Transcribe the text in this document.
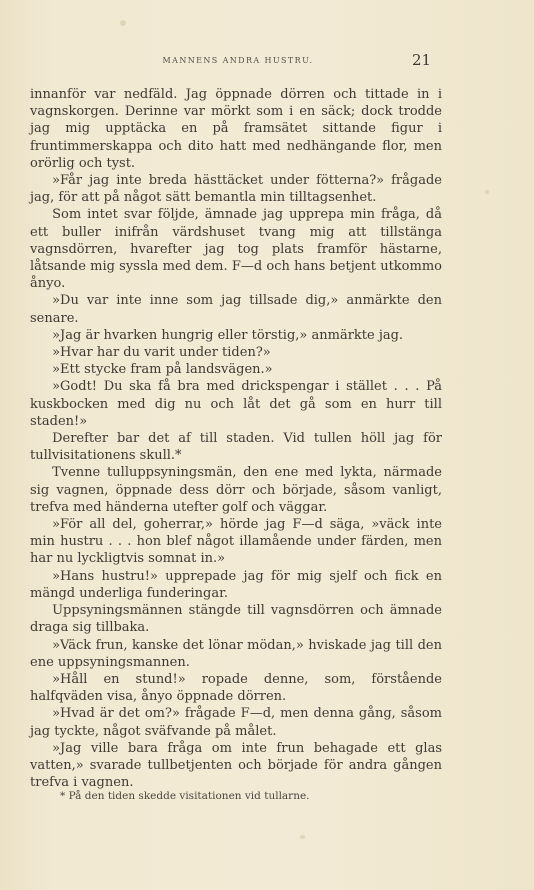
MANNENS ANDRA HUSTRU.	21

innanför var nedfäld. Jag öppnade dörren och tittade in i vagnskorgen. Derinne var mörkt som i en säck; dock trodde jag mig upptäcka en på framsätet sittande figur i fruntimmerskappa och dito hatt med nedhängande flor, men orörlig och tyst.

»Får jag inte breda hästtäcket under fötterna?» frågade jag, för att på något sätt bemantla min tilltagsenhet.

Som intet svar följde, ämnade jag upprepa min fråga, då ett buller inifrån värdshuset tvang mig att tillstänga vagnsdörren, hvarefter jag tog plats framför hästarne, låtsande mig syssla med dem. F—d och hans betjent utkommo ånyo.

»Du var inte inne som jag tillsade dig,» anmärkte den senare.

»Jag är hvarken hungrig eller törstig,» anmärkte jag.

»Hvar har du varit under tiden?»

»Ett stycke fram på landsvägen.»

»Godt! Du ska få bra med drickspengar i stället . . . På kuskbocken med dig nu och låt det gå som en hurr till staden!»

Derefter bar det af till staden. Vid tullen höll jag för tullvisitationens skull.*

Tvenne tulluppsyningsmän, den ene med lykta, närmade sig vagnen, öppnade dess dörr och började, såsom vanligt, trefva med händerna utefter golf och väggar.

»För all del, goherrar,» hörde jag F—d säga, »väck inte min hustru . . . hon blef något illamående under färden, men har nu lyckligtvis somnat in.»

»Hans hustru!» upprepade jag för mig sjelf och fick en mängd underliga funderingar.

Uppsyningsmännen stängde till vagnsdörren och ämnade draga sig tillbaka.

»Väck frun, kanske det lönar mödan,» hviskade jag till den ene uppsyningsmannen.

»Håll en stund!» ropade denne, som, förstående halfqväden visa, ånyo öppnade dörren.

»Hvad är det om?» frågade F—d, men denna gång, såsom jag tyckte, något sväfvande på målet.

»Jag ville bara fråga om inte frun behagade ett glas vatten,» svarade tullbetjenten och började för andra gången trefva i vagnen.

* På den tiden skedde visitationen vid tullarne.
